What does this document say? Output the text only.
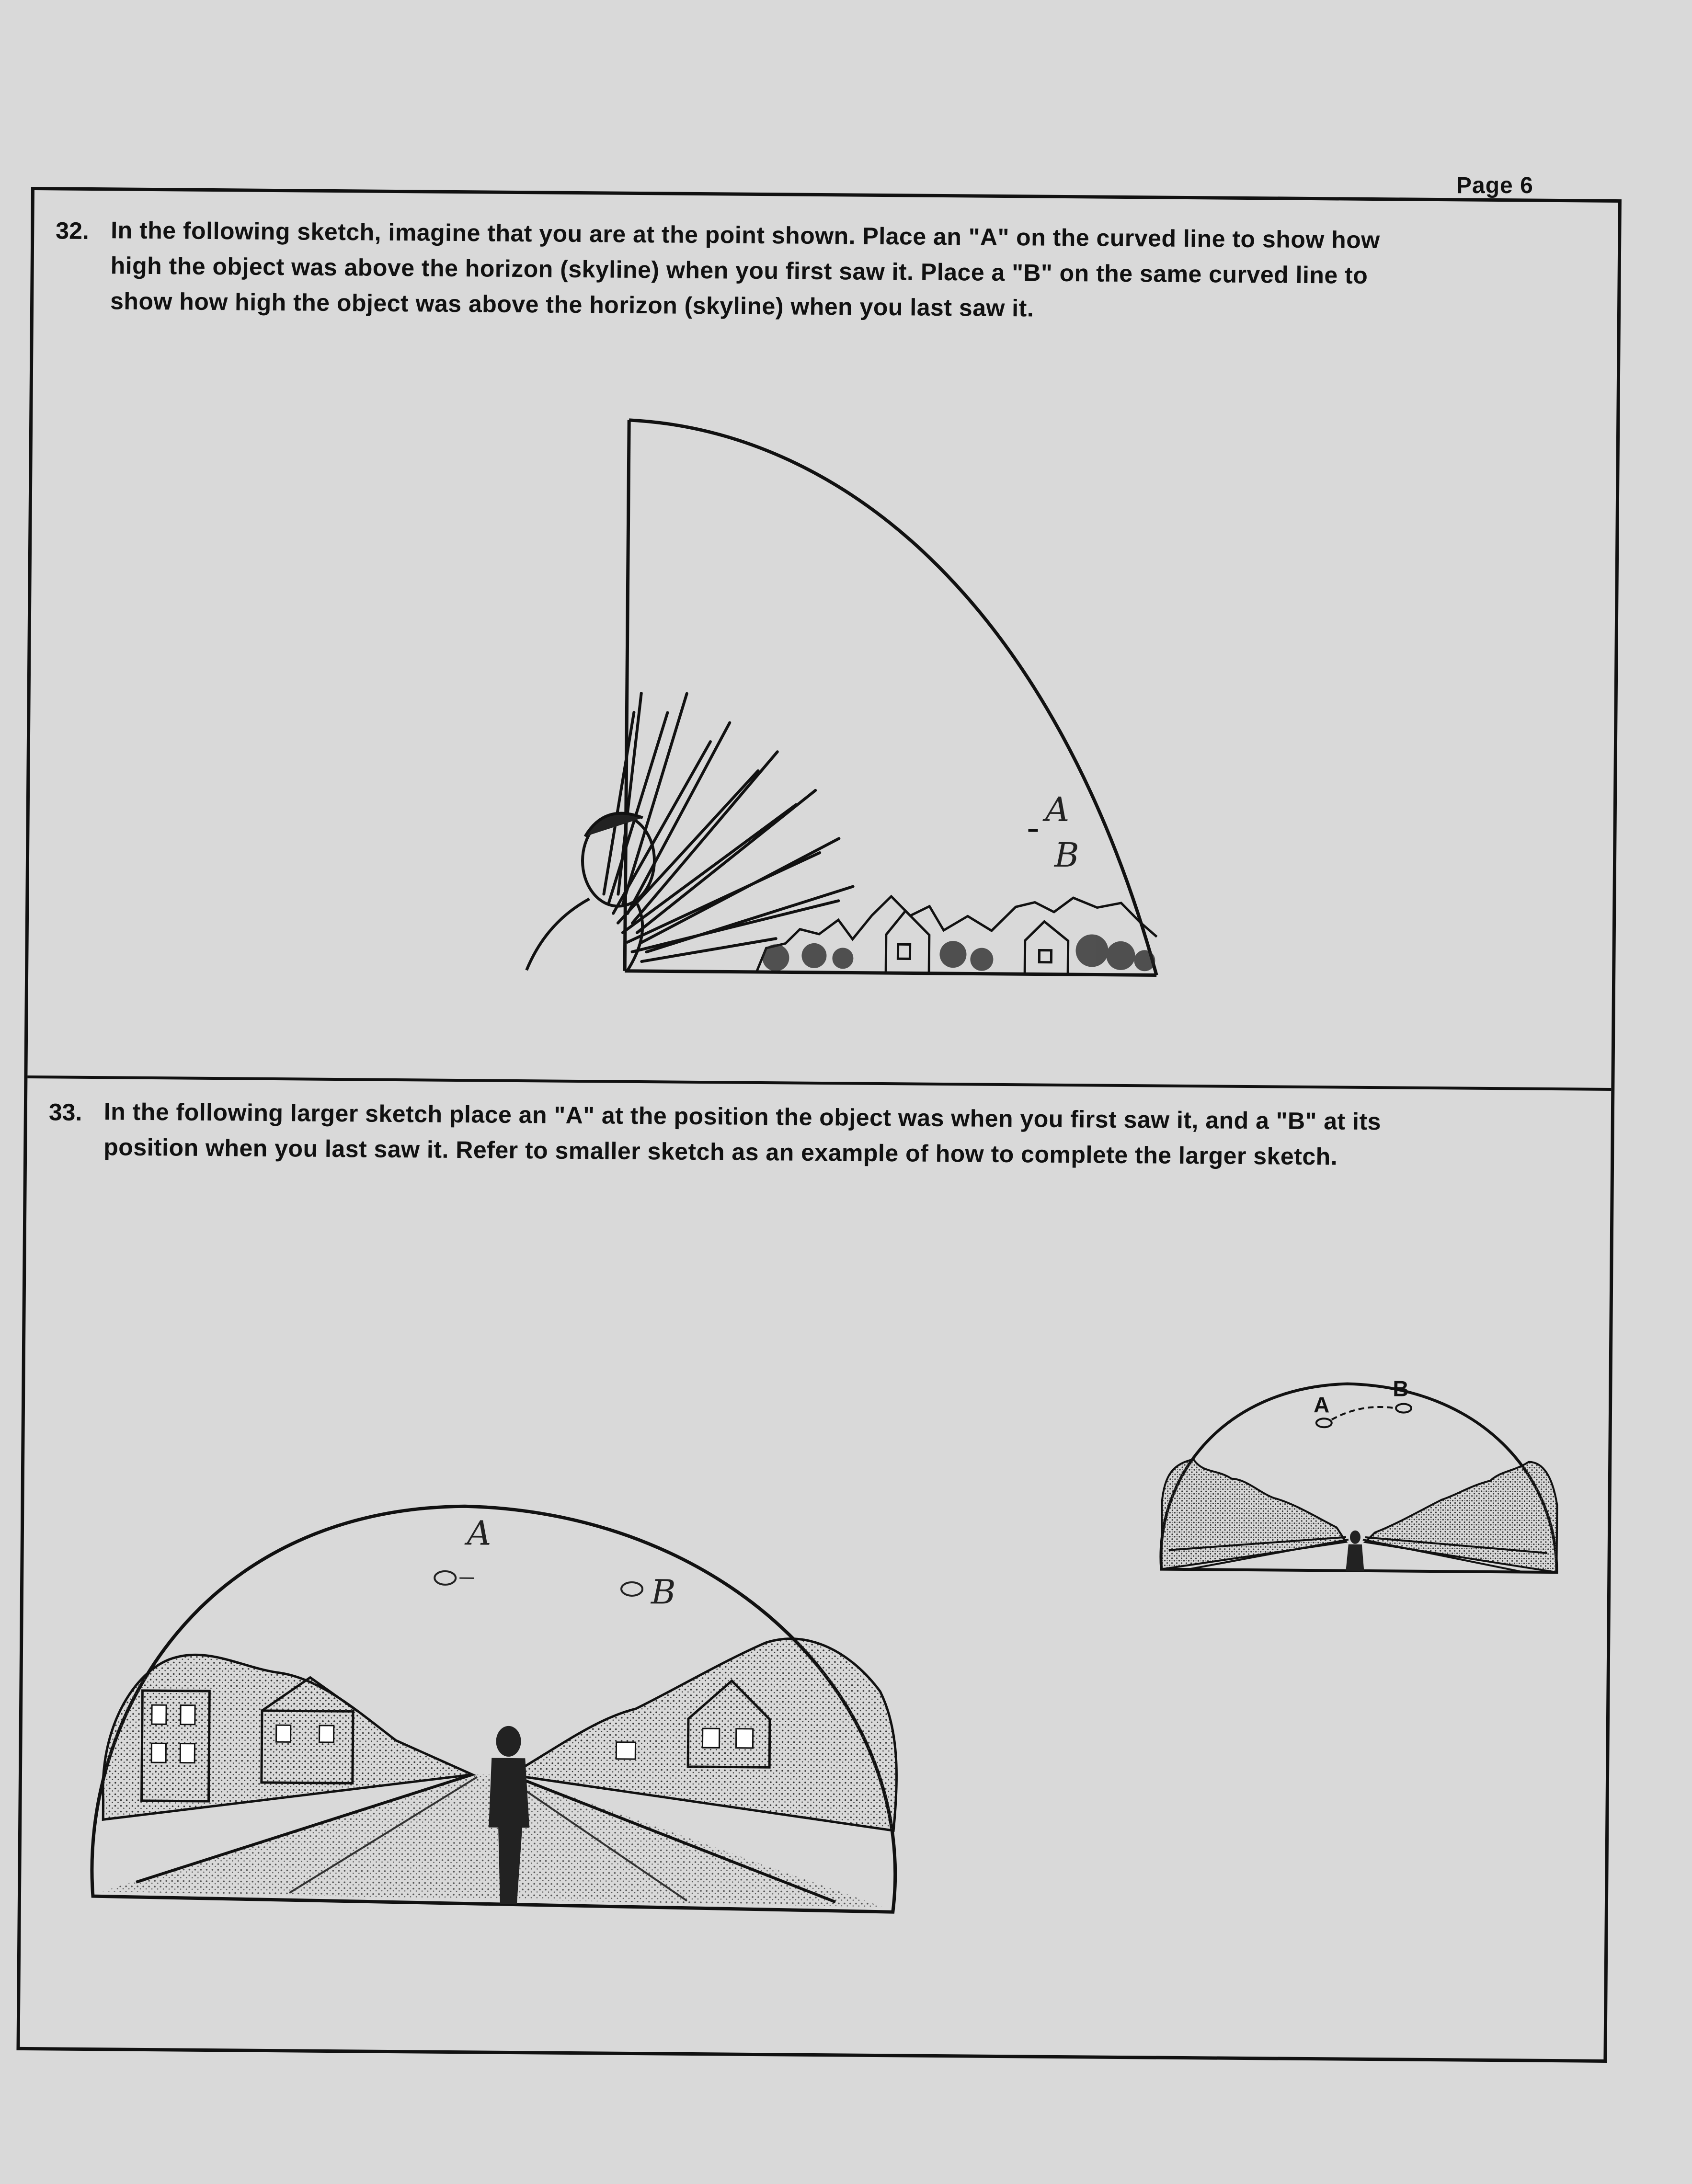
Page 6
32. In the following sketch, imagine that you are at the point shown. Place an "A" on the curved line to show how

high the object was above the horizon (skyline) when you first saw it. Place a "B" on the same curved line to

show how high the object was above the horizon (skyline) when you last saw it.

A
B
33. In the following larger sketch place an "A" at the position the object was when you first saw it, and a "B" at its

position when you last saw it. Refer to smaller sketch as an example of how to complete the larger sketch.

A
B
A
B
